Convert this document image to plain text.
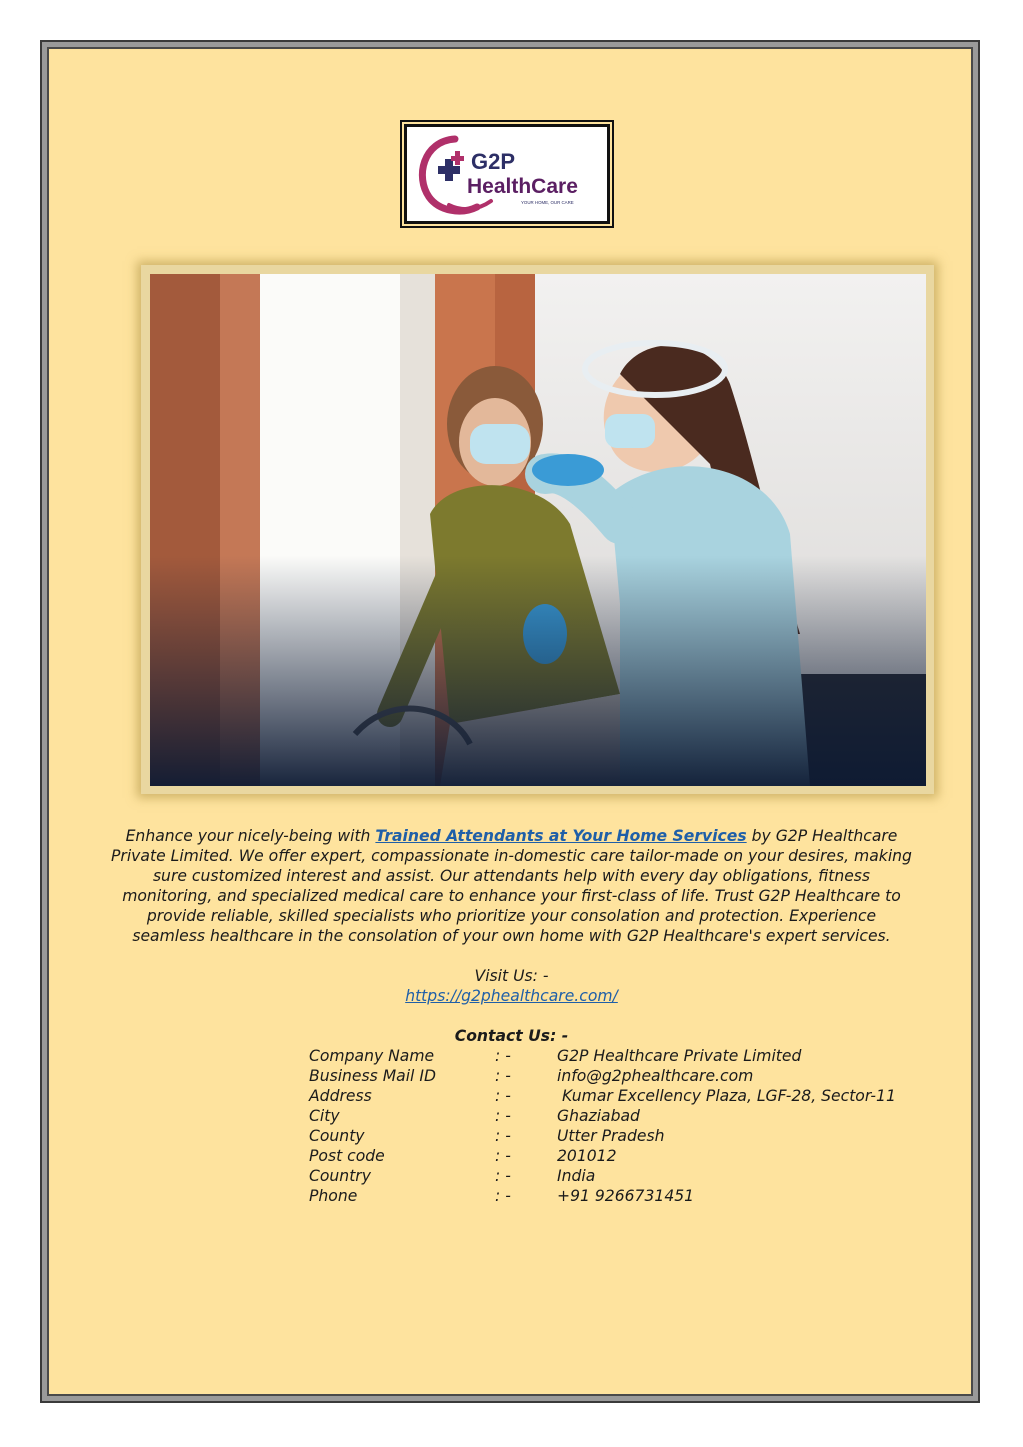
G2P
HealthCare
YOUR HOME, OUR CARE
Enhance your nicely-being with Trained Attendants at Your Home Services by G2P Healthcare Private Limited. We offer expert, compassionate in-domestic care tailor-made on your desires, making sure customized interest and assist. Our attendants help with every day obligations, fitness monitoring, and specialized medical care to enhance your first-class of life. Trust G2P Healthcare to provide reliable, skilled specialists who prioritize your consolation and protection. Experience seamless healthcare in the consolation of your own home with G2P Healthcare's expert services.
Visit Us: -
https://g2phealthcare.com/
Contact Us: -
Company Name	: -	G2P Healthcare Private Limited
Business Mail ID	: -	info@g2phealthcare.com
Address	: -	Kumar Excellency Plaza, LGF-28, Sector-11
City	: -	Ghaziabad
County	: -	Utter Pradesh
Post code	: -	201012
Country	: -	India
Phone	: -	+91 9266731451
